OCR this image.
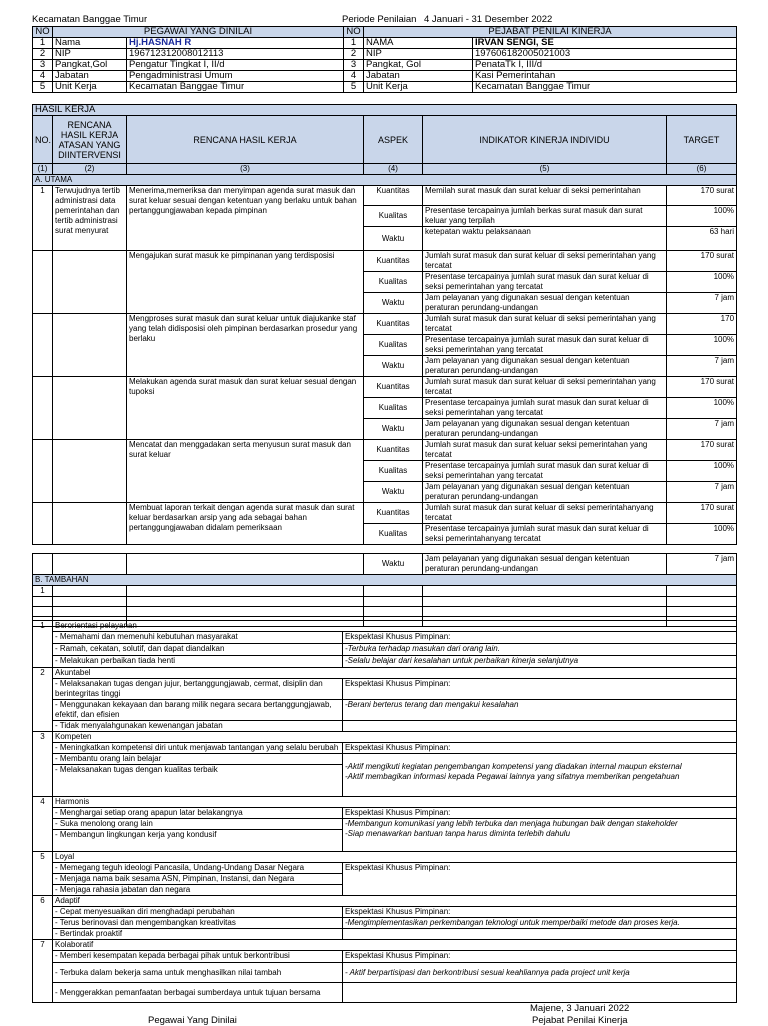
Kecamatan Banggae Timur	Periode Penilaian 4 Januari - 31 Desember 2022
NO	PEGAWAI YANG DINILAI		NO	PEJABAT PENILAI KINERJA	
1	Nama	Hj.HASNAH R	1	NAMA	IRVAN SENGI, SE
2	NIP	196712312008012113	2	NIP	197606182005021003
3	Pangkat,Gol	Pengatur Tingkat I, II/d	3	Pangkat, Gol	PenataTk I, III/d
4	Jabatan	Pengadministrasi Umum	4	Jabatan	Kasi Pemerintahan
5	Unit Kerja	Kecamatan Banggae Timur	5	Unit Kerja	Kecamatan Banggae Timur
HASIL KERJA					
NO.	RENCANA HASIL KERJA ATASAN YANG DIINTERVENSI	RENCANA HASIL KERJA	ASPEK	INDIKATOR KINERJA INDIVIDU	TARGET
(1)	(2)	(3)	(4)	(5)	(6)
A. UTAMA					
1	Terwujudnya tertib administrasi data pemerintahan dan tertib administrasi surat menyurat	Menerima,memeriksa dan menyimpan agenda surat masuk dan surat keluar sesuai dengan ketentuan yang berlaku untuk bahan pertanggungjawaban kepada pimpinan	Kuantitas	Memilah surat masuk dan surat keluar di seksi pemerintahan	170 surat
			Kualitas	Presentase tercapainya jumlah berkas surat masuk dan surat keluar yang terpilah	100%
			Waktu	ketepatan waktu pelaksanaan	63 hari
		Mengajukan surat masuk ke pimpinanan yang terdisposisi	Kuantitas	Jumlah surat masuk dan surat keluar di seksi pemerintahan yang tercatat	170 surat
			Kualitas	Presentase tercapainya jumlah surat masuk dan surat keluar di seksi pemerintahan yang tercatat	100%
			Waktu	Jam pelayanan yang digunakan sesual dengan ketentuan peraturan perundang-undangan	7 jam
		Mengproses surat masuk dan surat keluar untuk diajukanke staf yang telah didisposisi oleh pimpinan berdasarkan prosedur yang berlaku	Kuantitas	Jumlah surat masuk dan surat keluar di seksi pemerintahan yang tercatat	170
			Kualitas	Presentase tercapainya jumlah surat masuk dan surat keluar di seksi pemerintahan yang tercatat	100%
			Waktu	Jam pelayanan yang digunakan sesual dengan ketentuan peraturan perundang-undangan	7 jam
		Melakukan agenda surat masuk dan surat keluar sesual dengan tupoksi	Kuantitas	Jumlah surat masuk dan surat keluar di seksi pemerintahan yang tercatat	170 surat
			Kualitas	Presentase tercapainya jumlah surat masuk dan surat keluar di seksi pemerintahan yang tercatat	100%
			Waktu	Jam pelayanan yang digunakan sesual dengan ketentuan peraturan perundang-undangan	7 jam
		Mencatat dan menggadakan serta menyusun surat masuk dan surat keluar	Kuantitas	Jumlah surat masuk dan surat keluar seksi pemerintahan yang tercatat	170 surat
			Kualitas	Presentase tercapainya jumlah surat masuk dan surat keluar di seksi pemerintahan yang tercatat	100%
			Waktu	Jam pelayanan yang digunakan sesual dengan ketentuan peraturan perundang-undangan	7 jam
		Membuat laporan terkait dengan agenda surat masuk dan surat keluar berdasarkan arsip yang ada sebagai bahan pertanggungjawaban didalam pemeriksaan	Kuantitas	Jumlah surat masuk dan surat keluar di seksi pemerintahanyang tercatat	170 surat
			Kualitas	Presentase tercapainya jumlah surat masuk dan surat keluar di seksi pemerintahanyang tercatat	100%

			Waktu	Jam pelayanan yang digunakan sesual dengan ketentuan peraturan perundang-undangan	7 jam
B. TAMBAHAN					
1					

1	Berorientasi pelayanan	
	- Memahami dan memenuhi kebutuhan masyarakat	Ekspektasi Khusus Pimpinan:
	- Ramah, cekatan, solutif, dan dapat diandalkan	-Terbuka terhadap masukan dari orang lain.
	- Melakukan perbaikan tiada henti	-Selalu belajar dari kesalahan untuk perbaikan kinerja selanjutnya
2	Akuntabel	
	- Melaksanakan tugas dengan jujur, bertanggungjawab, cermat, disiplin dan berintegritas tinggi	Ekspektasi Khusus Pimpinan:
	- Menggunakan kekayaan dan barang milik negara secara bertanggungjawab, efektif, dan efisien	-Berani berterus terang dan mengakui kesalahan
	- Tidak menyalahgunakan kewenangan jabatan	
3	Kompeten	
	- Meningkatkan kompetensi diri untuk menjawab tantangan yang selalu berubah	Ekspektasi Khusus Pimpinan:
	- Membantu orang lain belajar	-Aktif mengikuti kegiatan pengembangan kompetensi yang diadakan internal maupun eksternal
-Aktif membagikan informasi kepada Pegawai lainnya yang sifatnya memberikan pengetahuan

	- Melaksanakan tugas dengan kualitas terbaik	
4	Harmonis	
	- Menghargai setiap orang apapun latar belakangnya	Ekspektasi Khusus Pimpinan:
	- Suka menolong orang lain	-Membangun komunikasi yang lebih terbuka dan menjaga hubungan baik dengan stakeholder
-Siap menawarkan bantuan tanpa harus diminta terlebih dahulu

	- Membangun lingkungan kerja yang kondusif	
5	Loyal	
	- Memegang teguh ideologi Pancasila, Undang-Undang Dasar Negara	Ekspektasi Khusus Pimpinan:
	- Menjaga nama baik sesama ASN, Pimpinan, Instansi, dan Negara	
	- Menjaga rahasia jabatan dan negara	
6	Adaptif	
	- Cepat menyesuaikan diri menghadapi perubahan	Ekspektasi Khusus Pimpinan:
	- Terus berinovasi dan mengembangkan kreativitas	-Mengimplementasikan perkembangan teknologi untuk memperbaiki metode dan proses kerja.
	- Bertindak proaktif	
7	Kolaboratif	
	- Memberi kesempatan kepada berbagai pihak untuk berkontribusi	Ekspektasi Khusus Pimpinan:
	- Terbuka dalam bekerja sama untuk menghasilkan nilai tambah	- Aktif berpartisipasi dan berkontribusi sesuai keahliannya pada project unit kerja
	- Menggerakkan pemanfaatan berbagai sumberdaya untuk tujuan bersama	
Majene, 3 Januari 2022
Pegawai Yang Dinilai	Pejabat Penilai Kinerja
